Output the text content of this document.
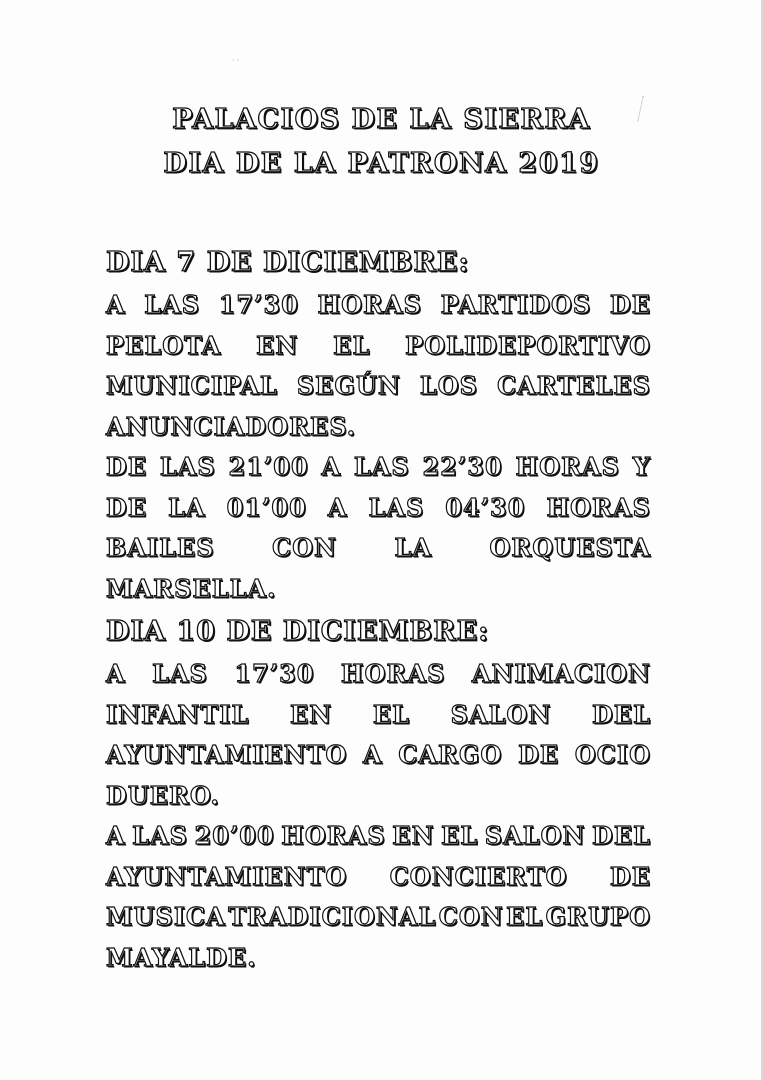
· ·
PALACIOS DE LA SIERRA
DIA DE LA PATRONA 2019
DIA 7 DE DICIEMBRE:
A LAS 17’30 HORAS PARTIDOS DE
PELOTA EN EL POLIDEPORTIVO
MUNICIPAL SEGÚN LOS CARTELES
ANUNCIADORES.
DE LAS 21’00 A LAS 22’30 HORAS Y
DE LA 01’00 A LAS 04’30 HORAS
BAILES CON LA ORQUESTA
MARSELLA.
DIA 10 DE DICIEMBRE:
A LAS 17’30 HORAS ANIMACION
INFANTIL EN EL SALON DEL
AYUNTAMIENTO A CARGO DE OCIO
DUERO.
A LAS 20’00 HORAS EN EL SALON DEL
AYUNTAMIENTO CONCIERTO DE
MUSICA TRADICIONAL CON EL GRUPO
MAYALDE.
